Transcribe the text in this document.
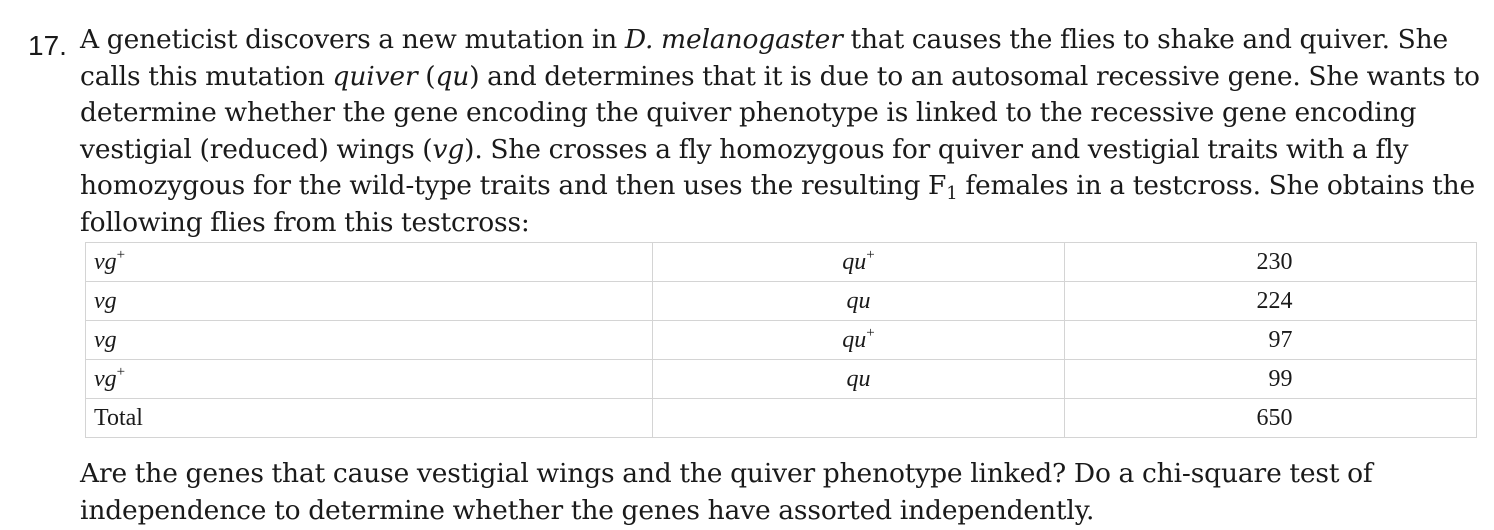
17. A geneticist discovers a new mutation in D. melanogaster that causes the flies to shake and quiver. She
calls this mutation quiver (qu) and determines that it is due to an autosomal recessive gene. She wants to
determine whether the gene encoding the quiver phenotype is linked to the recessive gene encoding
vestigial (reduced) wings (vg). She crosses a fly homozygous for quiver and vestigial traits with a fly
homozygous for the wild-type traits and then uses the resulting $F_1$ females in a testcross. She obtains the
following flies from this testcross:
vg+	qu+	230
vg	qu	224
vg	qu+	97
vg+	qu	99
Total		650
Are the genes that cause vestigial wings and the quiver phenotype linked? Do a chi-square test of
independence to determine whether the genes have assorted independently.
